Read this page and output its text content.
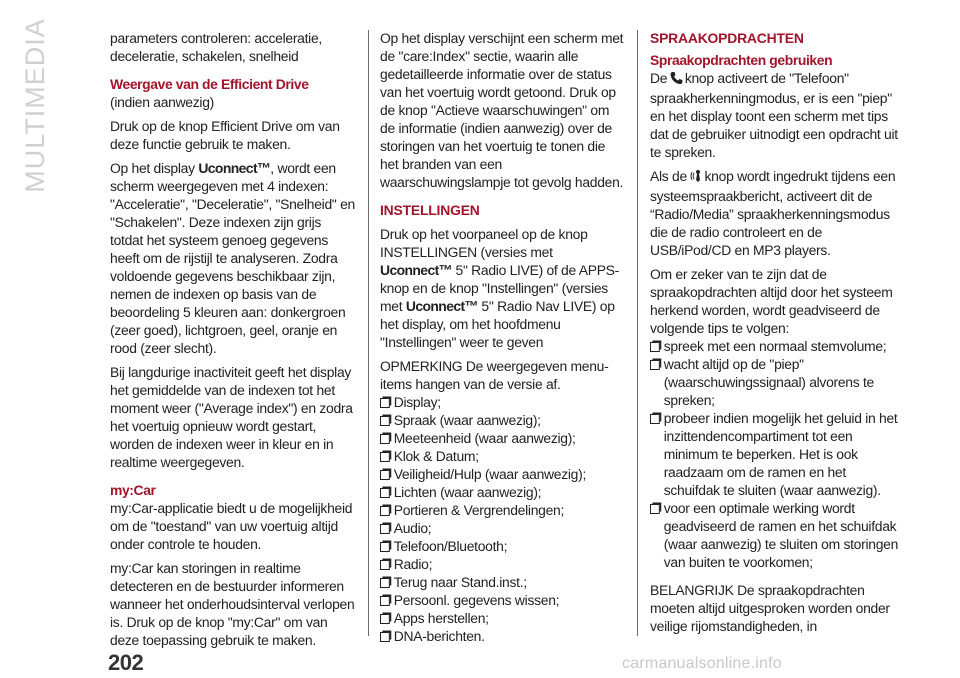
MULTIMEDIA	parameters controleren: acceleratie, deceleratie, schakelen, snelheid

Weergave van de Efficient Drive

(indien aanwezig)

Druk op de knop Efficient Drive om van deze functie gebruik te maken.

Op het display Uconnect™, wordt een scherm weergegeven met 4 indexen: "Acceleratie", "Deceleratie", "Snelheid" en "Schakelen". Deze indexen zijn grijs totdat het systeem genoeg gegevens heeft om de rijstijl te analyseren. Zodra voldoende gegevens beschikbaar zijn, nemen de indexen op basis van de beoordeling 5 kleuren aan: donkergroen (zeer goed), lichtgroen, geel, oranje en rood (zeer slecht).

Bij langdurige inactiviteit geeft het display het gemiddelde van de indexen tot het moment weer ("Average index") en zodra het voertuig opnieuw wordt gestart, worden de indexen weer in kleur en in realtime weergegeven.

my:Car

my:Car-applicatie biedt u de mogelijkheid om de "toestand" van uw voertuig altijd onder controle te houden.

my:Car kan storingen in realtime detecteren en de bestuurder informeren wanneer het onderhoudsinterval verlopen is. Druk op de knop "my:Car" om van deze toepassing gebruik te maken.

Op het display verschijnt een scherm met de "care:Index" sectie, waarin alle gedetailleerde informatie over de status van het voertuig wordt getoond. Druk op de knop "Actieve waarschuwingen" om de informatie (indien aanwezig) over de storingen van het voertuig te tonen die het branden van een waarschuwingslampje tot gevolg hadden.

INSTELLINGEN

Druk op het voorpaneel op de knop INSTELLINGEN (versies met Uconnect™ 5" Radio LIVE) of de APPS-knop en de knop "Instellingen" (versies met Uconnect™ 5" Radio Nav LIVE) op het display, om het hoofdmenu "Instellingen" weer te geven

OPMERKING De weergegeven menu-items hangen van de versie af.

Display;
Spraak (waar aanwezig);
Meeteenheid (waar aanwezig);
Klok & Datum;
Veiligheid/Hulp (waar aanwezig);
Lichten (waar aanwezig);
Portieren & Vergrendelingen;
Audio;
Telefoon/Bluetooth;
Radio;
Terug naar Stand.inst.;
Persoonl. gegevens wissen;
Apps herstellen;
DNA-berichten.
SPRAAKOPDRACHTEN
Spraakopdrachten gebruiken

De knop activeert de "Telefoon" spraakherkenningmodus, er is een "piep" en het display toont een scherm met tips dat de gebruiker uitnodigt een opdracht uit te spreken.

Als de knop wordt ingedrukt tijdens een systeemspraakbericht, activeert dit de “Radio/Media” spraakherkenningsmodus die de radio controleert en de USB/iPod/CD en MP3 players.

Om er zeker van te zijn dat de spraakopdrachten altijd door het systeem herkend worden, wordt geadviseerd de volgende tips te volgen:

spreek met een normaal stemvolume;
wacht altijd op de "piep" (waarschuwingssignaal) alvorens te spreken;
probeer indien mogelijk het geluid in het inzittendencompartiment tot een minimum te beperken. Het is ook raadzaam om de ramen en het schuifdak te sluiten (waar aanwezig).
voor een optimale werking wordt geadviseerd de ramen en het schuifdak (waar aanwezig) te sluiten om storingen van buiten te voorkomen;

BELANGRIJK De spraakopdrachten moeten altijd uitgesproken worden onder veilige rijomstandigheden, in

202	carmanualsonline.info
